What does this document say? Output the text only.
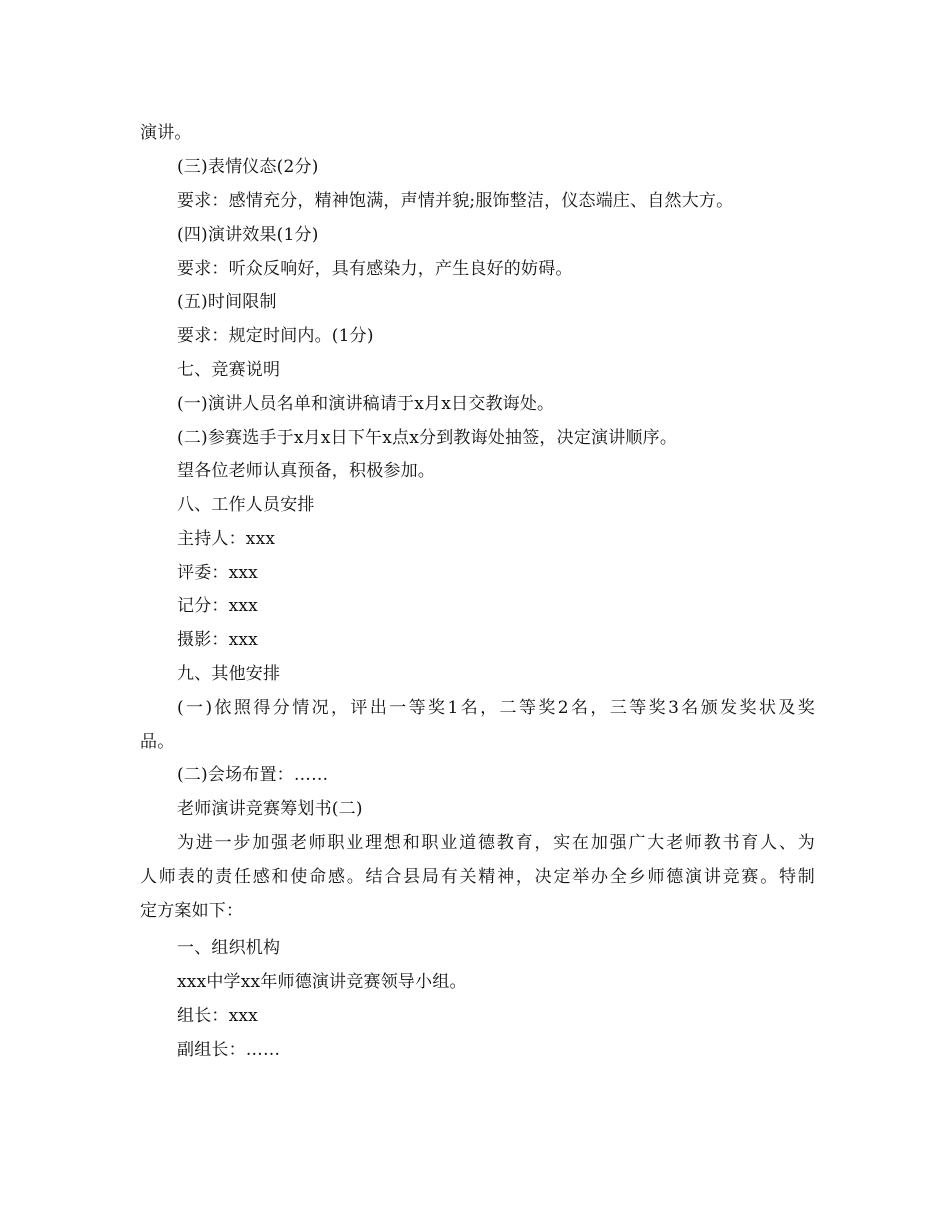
演讲。
(三)表情仪态(2分)
要求：感情充分，精神饱满，声情并貌;服饰整洁，仪态端庄、自然大方。
(四)演讲效果(1分)
要求：听众反响好，具有感染力，产生良好的妨碍。
(五)时间限制
要求：规定时间内。(1分)
七、竞赛说明
(一)演讲人员名单和演讲稿请于x月x日交教诲处。
(二)参赛选手于x月x日下午x点x分到教诲处抽签，决定演讲顺序。
望各位老师认真预备，积极参加。
八、工作人员安排
主持人：xxx
评委：xxx
记分：xxx
摄影：xxx
九、其他安排
(一)依照得分情况，评出一等奖1名，二等奖2名，三等奖3名颁发奖状及奖
品。
(二)会场布置：……
老师演讲竞赛筹划书(二)
为进一步加强老师职业理想和职业道德教育，实在加强广大老师教书育人、为
人师表的责任感和使命感。结合县局有关精神，决定举办全乡师德演讲竞赛。特制
定方案如下：
一、组织机构
xxx中学xx年师德演讲竞赛领导小组。
组长：xxx
副组长：……
